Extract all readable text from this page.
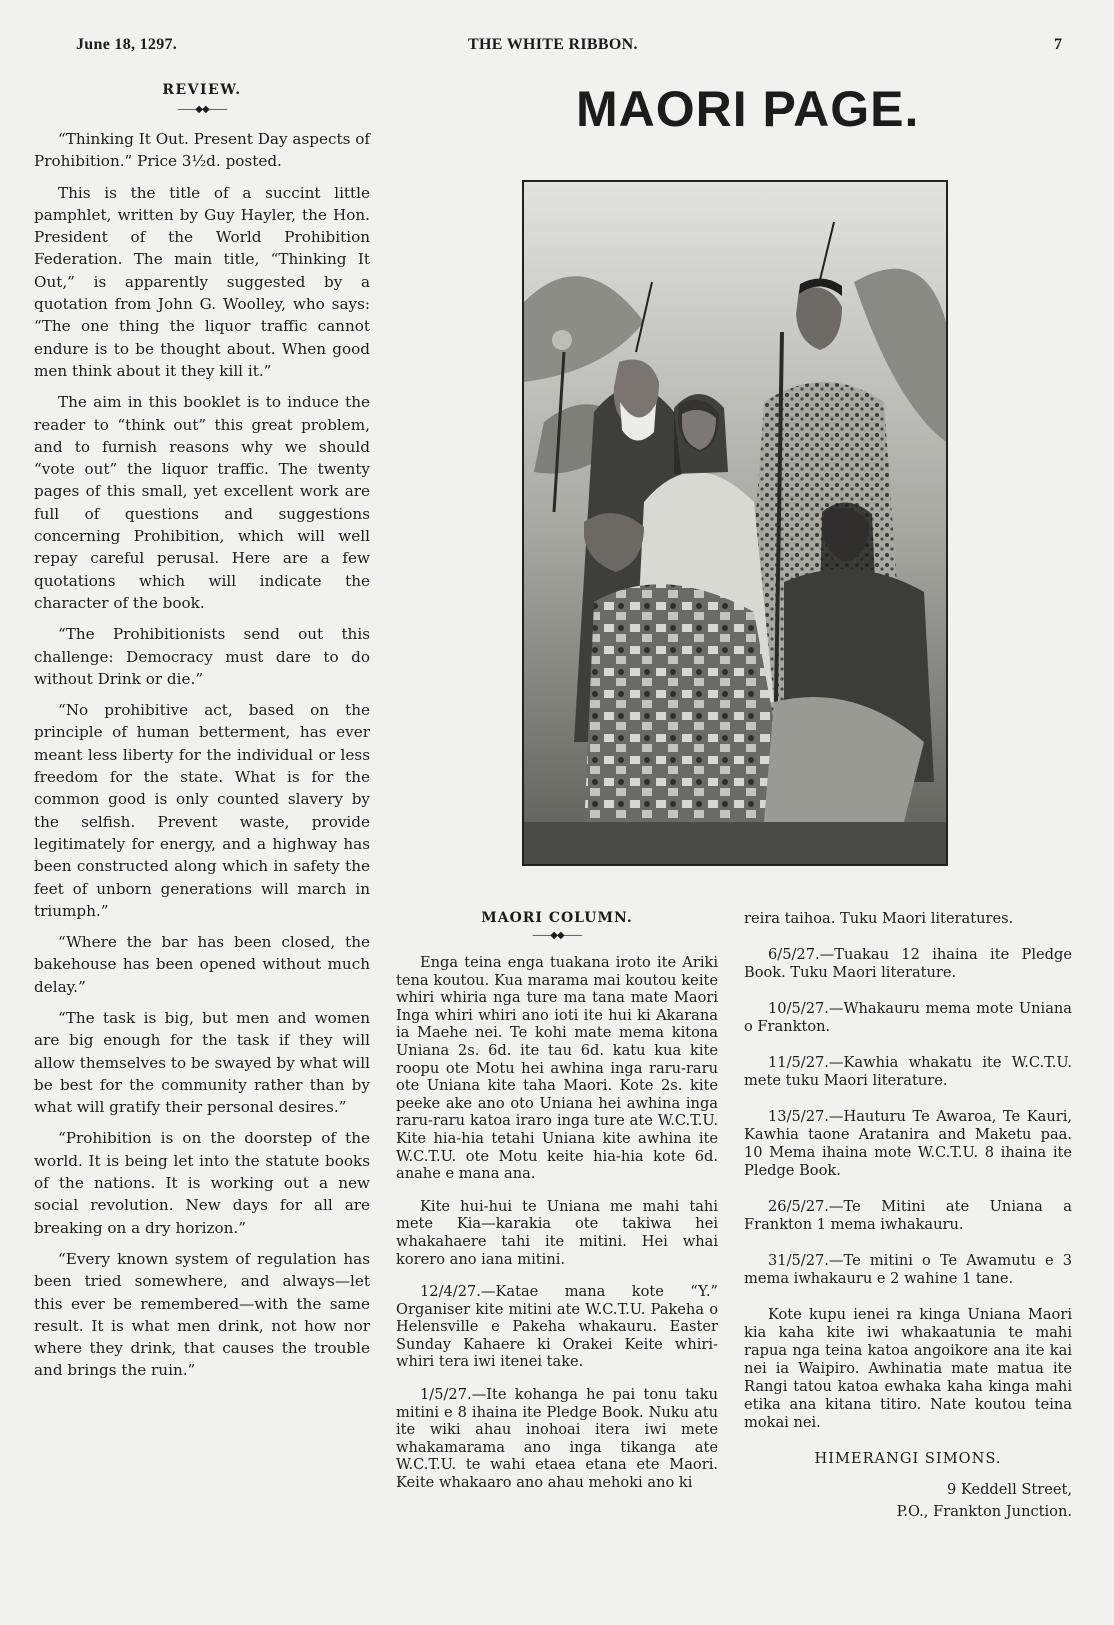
June 18, 1297.	THE WHITE RIBBON.	7
REVIEW.
——◆◆——

“Thinking It Out. Present Day aspects of Prohibition.” Price 3½d. posted.

This is the title of a succint little pamphlet, written by Guy Hayler, the Hon. President of the World Prohibition Federation. The main title, “Thinking It Out,” is apparently suggested by a quotation from John G. Woolley, who says: “The one thing the liquor traffic cannot endure is to be thought about. When good men think about it they kill it.”

The aim in this booklet is to induce the reader to “think out” this great problem, and to furnish reasons why we should “vote out” the liquor traffic. The twenty pages of this small, yet excellent work are full of questions and suggestions concerning Prohibition, which will well repay careful perusal. Here are a few quotations which will indicate the character of the book.

“The Prohibitionists send out this challenge: Democracy must dare to do without Drink or die.”

“No prohibitive act, based on the principle of human betterment, has ever meant less liberty for the individual or less freedom for the state. What is for the common good is only counted slavery by the selfish. Prevent waste, provide legitimately for energy, and a highway has been constructed along which in safety the feet of unborn generations will march in triumph.”

“Where the bar has been closed, the bakehouse has been opened without much delay.”

“The task is big, but men and women are big enough for the task if they will allow themselves to be swayed by what will be best for the community rather than by what will gratify their personal desires.”

“Prohibition is on the doorstep of the world. It is being let into the statute books of the nations. It is working out a new social revolution. New days for all are breaking on a dry horizon.”

“Every known system of regulation has been tried somewhere, and always—let this ever be remembered—with the same result. It is what men drink, not how nor where they drink, that causes the trouble and brings the ruin.”

MAORI PAGE.
MAORI COLUMN.
——◆◆——

Enga teina enga tuakana iroto ite Ariki tena koutou. Kua marama mai koutou keite whiri whiria nga ture ma tana mate Maori Inga whiri whiri ano ioti ite hui ki Akarana ia Maehe nei. Te kohi mate mema kitona Uniana 2s. 6d. ite tau 6d. katu kua kite roopu ote Motu hei awhina inga raru-raru ote Uniana kite taha Maori. Kote 2s. kite peeke ake ano oto Uniana hei awhina inga raru-raru katoa iraro inga ture ate W.C.T.U. Kite hia-hia tetahi Uniana kite awhina ite W.C.T.U. ote Motu keite hia-hia kote 6d. anahe e mana ana.

Kite hui-hui te Uniana me mahi tahi mete Kia—karakia ote takiwa hei whakahaere tahi ite mitini. Hei whai korero ano iana mitini.

12/4/27.—Katae mana kote “Y.” Organiser kite mitini ate W.C.T.U. Pakeha o Helensville e Pakeha whakauru. Easter Sunday Kahaere ki Orakei Keite whiri-whiri tera iwi itenei take.

1/5/27.—Ite kohanga he pai tonu taku mitini e 8 ihaina ite Pledge Book. Nuku atu ite wiki ahau inohoai itera iwi mete whakamarama ano inga tikanga ate W.C.T.U. te wahi etaea etana ete Maori. Keite whakaaro ano ahau mehoki ano ki

reira taihoa. Tuku Maori literatures.

6/5/27.—Tuakau 12 ihaina ite Pledge Book. Tuku Maori literature.

10/5/27.—Whakauru mema mote Uniana o Frankton.

11/5/27.—Kawhia whakatu ite W.C.T.U. mete tuku Maori literature.

13/5/27.—Hauturu Te Awaroa, Te Kauri, Kawhia taone Aratanira and Maketu paa. 10 Mema ihaina mote W.C.T.U. 8 ihaina ite Pledge Book.

26/5/27.—Te Mitini ate Uniana a Frankton 1 mema iwhakauru.

31/5/27.—Te mitini o Te Awamutu e 3 mema iwhakauru e 2 wahine 1 tane.

Kote kupu ienei ra kinga Uniana Maori kia kaha kite iwi whakaatunia te mahi rapua nga teina katoa angoikore ana ite kai nei ia Waipiro. Awhinatia mate matua ite Rangi tatou katoa ewhaka kaha kinga mahi etika ana kitana titiro. Nate koutou teina mokai nei.

HIMERANGI SIMONS.
9 Keddell Street,
P.O., Frankton Junction.
